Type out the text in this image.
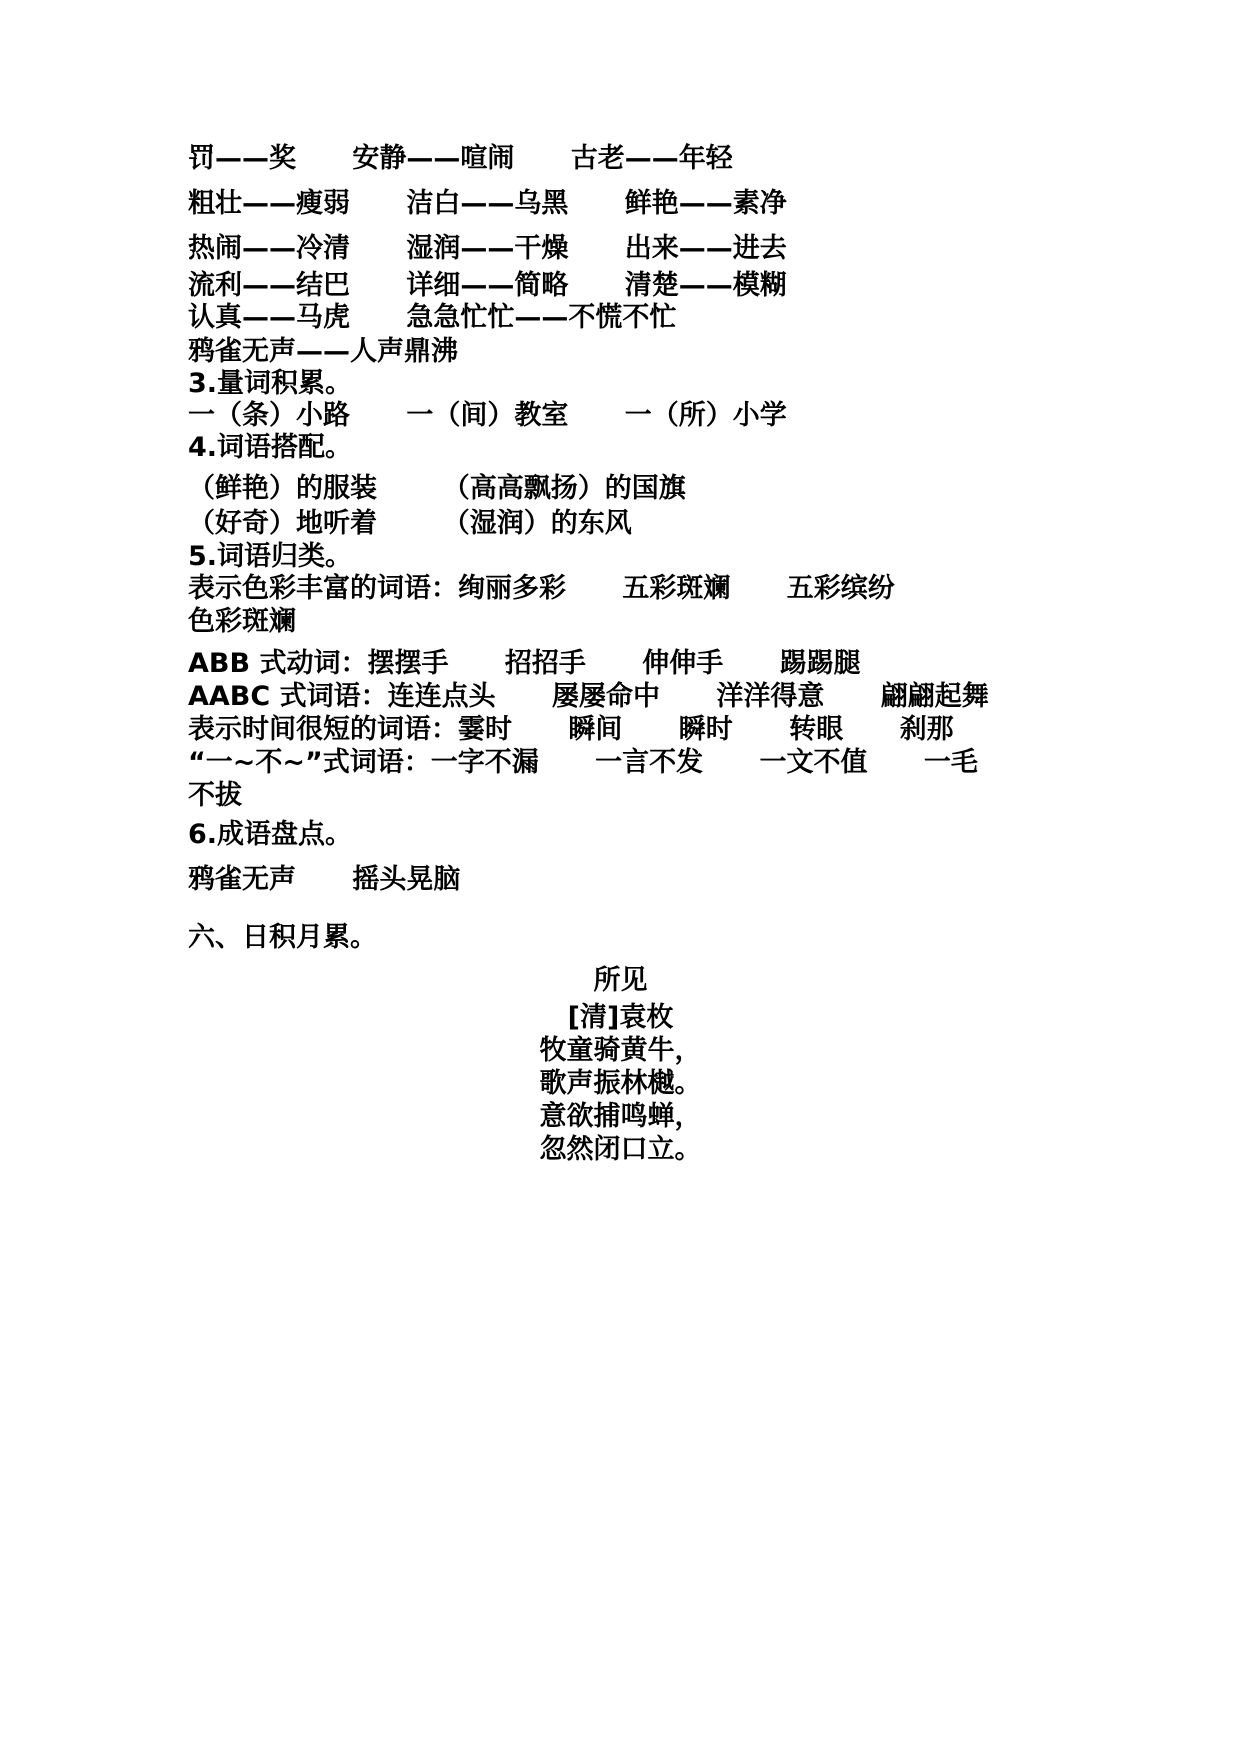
罚——奖      安静——喧闹      古老——年轻
粗壮——瘦弱      洁白——乌黑      鲜艳——素净
热闹——冷清      湿润——干燥      出来——进去
流利——结巴      详细——简略      清楚——模糊
认真——马虎      急急忙忙——不慌不忙
鸦雀无声——人声鼎沸
3.量词积累。
一（条）小路      一（间）教室      一（所）小学
4.词语搭配。
（鲜艳）的服装       （高高飘扬）的国旗
（好奇）地听着       （湿润）的东风
5.词语归类。
表示色彩丰富的词语：绚丽多彩      五彩斑斓      五彩缤纷
色彩斑斓
ABB 式动词：摆摆手      招招手      伸伸手      踢踢腿
AABC 式词语：连连点头      屡屡命中      洋洋得意      翩翩起舞
表示时间很短的词语：霎时      瞬间      瞬时      转眼      刹那
“一~不~”式词语：一字不漏      一言不发      一文不值      一毛
不拔
6.成语盘点。
鸦雀无声      摇头晃脑
六、日积月累。
所见
[清]袁枚
牧童骑黄牛，
歌声振林樾。
意欲捕鸣蝉，
忽然闭口立。
